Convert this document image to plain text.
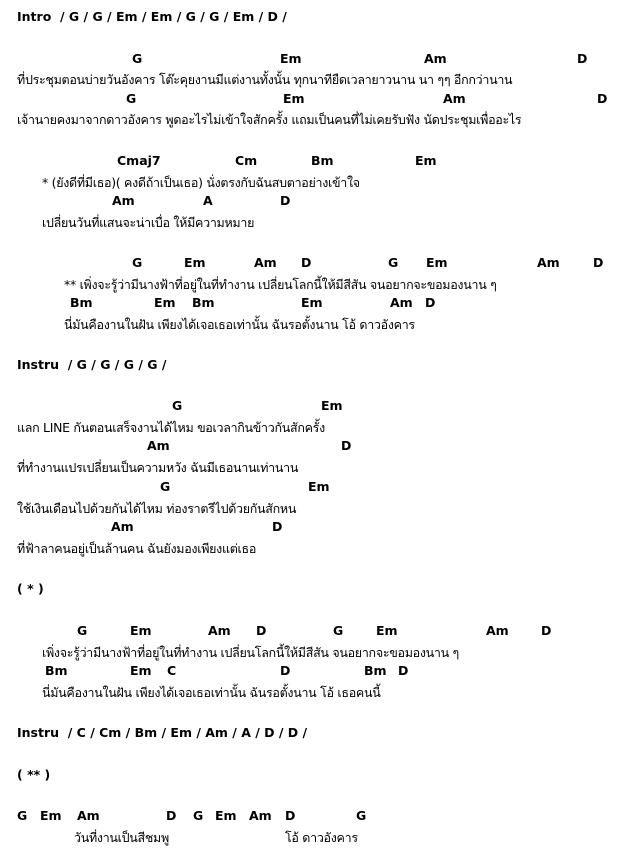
Intro / G / G / Em / Em / G / G / Em / D /
G	Em	Am	D
ที่ประชุมตอนบ่ายวันอังคาร โต๊ะคุยงานมีแต่งานทั้งนั้น ทุกนาทียืดเวลายาวนาน นา ๆๆ อีกกว่านาน
G	Em	Am	D
เจ้านายคงมาจากดาวอังคาร พูดอะไรไม่เข้าใจสักครั้ง แถมเป็นคนที่ไม่เคยรับฟัง นัดประชุมเพื่ออะไร
Cmaj7	Cm	Bm	Em
* (ยังดีที่มีเธอ)( คงดีถ้าเป็นเธอ) นั่งตรงกับฉันสบตาอย่างเข้าใจ
Am	A	D
เปลี่ยนวันที่แสนจะน่าเบื่อ ให้มีความหมาย
G	Em	Am D	G Em	Am	D
** เพิ่งจะรู้ว่ามีนางฟ้าที่อยู่ในที่ทำงาน เปลี่ยนโลกนี้ให้มีสีสัน จนอยากจะขอมองนาน ๆ
Bm	Em Bm	Em	Am D
นี่มันคืองานในฝัน เพียงได้เจอเธอเท่านั้น ฉันรอตั้งนาน โอ้ ดาวอังคาร
Instru / G / G / G / G /
G	Em
แลก LINE กันตอนเสร็จงานได้ไหม ขอเวลากินข้าวกันสักครั้ง
Am	D
ที่ทำงานแปรเปลี่ยนเป็นความหวัง ฉันมีเธอนานเท่านาน
G	Em
ใช้เงินเดือนไปด้วยกันได้ไหม ท่องราตรีไปด้วยกันสักหน
Am	D
ที่ฟ้าลาคนอยู่เป็นล้านคน ฉันยังมองเพียงแต่เธอ
( * )
G	Em	Am D	G	Em	Am	D
เพิ่งจะรู้ว่ามีนางฟ้าที่อยู่ในที่ทำงาน เปลี่ยนโลกนี้ให้มีสีสัน จนอยากจะขอมองนาน ๆ
Bm	Em C	D	Bm D
นี่มันคืองานในฝัน เพียงได้เจอเธอเท่านั้น ฉันรอตั้งนาน โอ้ เธอคนนี้
Instru / C / Cm / Bm / Em / Am / A / D / D /
( ** )
G Em Am	D G Em Am D	G
วันที่งานเป็นสีชมพู	โอ้ ดาวอังคาร
